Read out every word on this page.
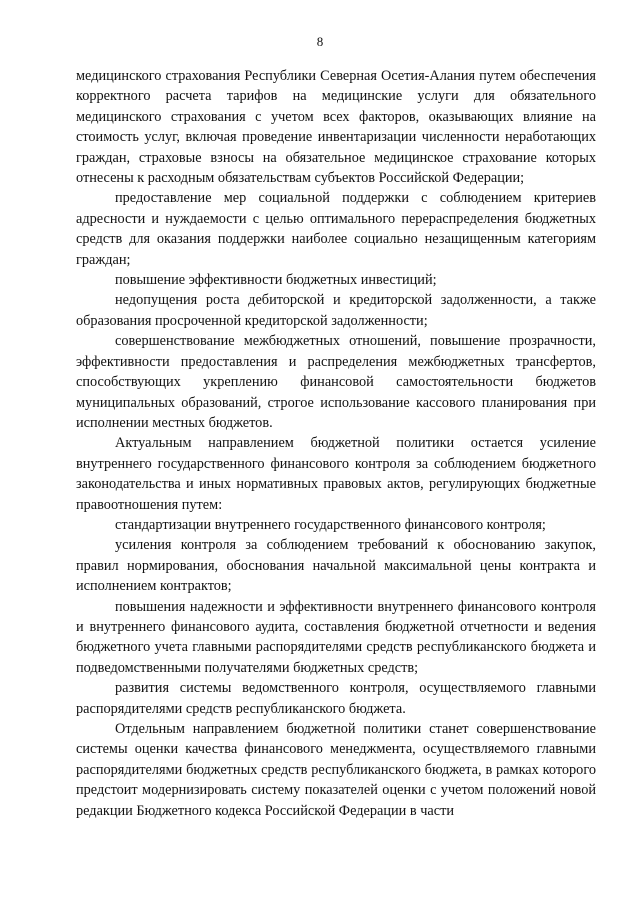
8

медицинского страхования Республики Северная Осетия-Алания путем обеспечения корректного расчета тарифов на медицинские услуги для обязательного медицинского страхования с учетом всех факторов, оказывающих влияние на стоимость услуг, включая проведение инвентаризации численности неработающих граждан, страховые взносы на обязательное медицинское страхование которых отнесены к расходным обязательствам субъектов Российской Федерации;

предоставление мер социальной поддержки с соблюдением критериев адресности и нуждаемости с целью оптимального перераспределения бюджетных средств для оказания поддержки наиболее социально незащищенным категориям граждан;

повышение эффективности бюджетных инвестиций;

недопущения роста дебиторской и кредиторской задолженности, а также образования просроченной кредиторской задолженности;

совершенствование межбюджетных отношений, повышение прозрачности, эффективности предоставления и распределения межбюджетных трансфертов, способствующих укреплению финансовой самостоятельности бюджетов муниципальных образований, строгое использование кассового планирования при исполнении местных бюджетов.

Актуальным направлением бюджетной политики остается усиление внутреннего государственного финансового контроля за соблюдением бюджетного законодательства и иных нормативных правовых актов, регулирующих бюджетные правоотношения путем:

стандартизации внутреннего государственного финансового контроля;

усиления контроля за соблюдением требований к обоснованию закупок, правил нормирования, обоснования начальной максимальной цены контракта и исполнением контрактов;

повышения надежности и эффективности внутреннего финансового контроля и внутреннего финансового аудита, составления бюджетной отчетности и ведения бюджетного учета главными распорядителями средств республиканского бюджета и подведомственными получателями бюджетных средств;

развития системы ведомственного контроля, осуществляемого главными распорядителями средств республиканского бюджета.

Отдельным направлением бюджетной политики станет совершенствование системы оценки качества финансового менеджмента, осуществляемого главными распорядителями бюджетных средств республиканского бюджета, в рамках которого предстоит модернизировать систему показателей оценки с учетом положений новой редакции Бюджетного кодекса Российской Федерации в части
